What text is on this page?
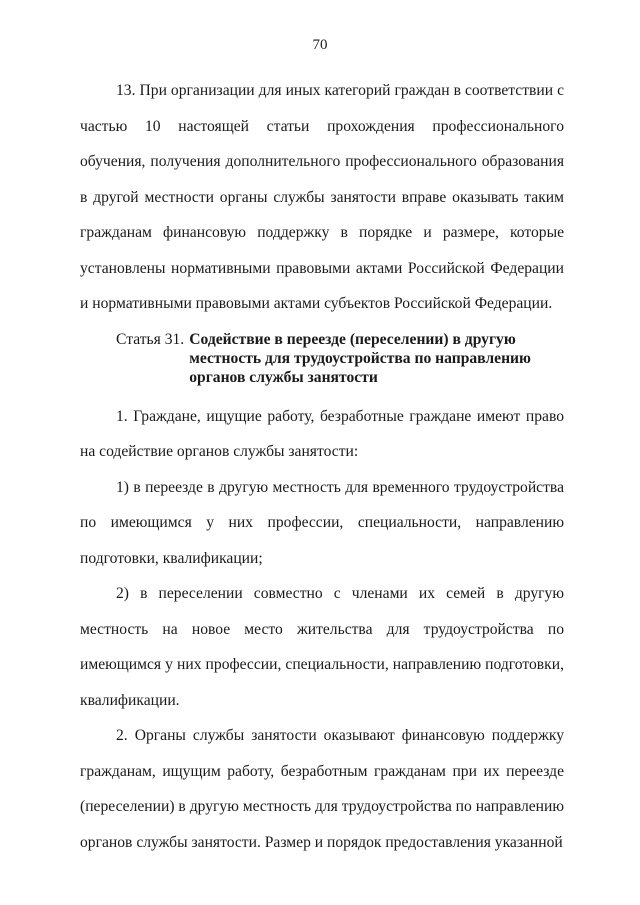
70

13. При организации для иных категорий граждан в соответствии с частью 10 настоящей статьи прохождения профессионального обучения, получения дополнительного профессионального образования в другой местности органы службы занятости вправе оказывать таким гражданам финансовую поддержку в порядке и размере, которые установлены нормативными правовыми актами Российской Федерации и нормативными правовыми актами субъектов Российской Федерации.

Статья 31. Содействие в переезде (переселении) в другую местность для трудоустройства по направлению органов службы занятости

1. Граждане, ищущие работу, безработные граждане имеют право на содействие органов службы занятости:

1) в переезде в другую местность для временного трудоустройства по имеющимся у них профессии, специальности, направлению подготовки, квалификации;

2) в переселении совместно с членами их семей в другую местность на новое место жительства для трудоустройства по имеющимся у них профессии, специальности, направлению подготовки, квалификации.

2. Органы службы занятости оказывают финансовую поддержку гражданам, ищущим работу, безработным гражданам при их переезде (переселении) в другую местность для трудоустройства по направлению органов службы занятости. Размер и порядок предоставления указанной
